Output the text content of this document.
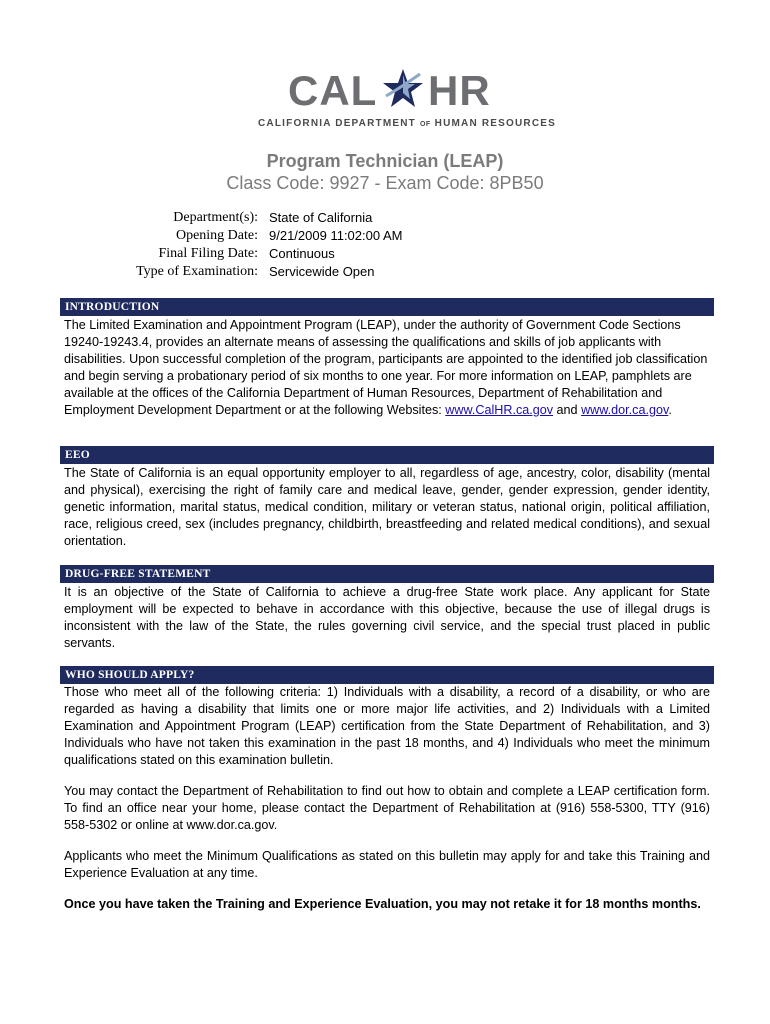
CAL HR
CALIFORNIA DEPARTMENT OF HUMAN RESOURCES
Program Technician (LEAP)
Class Code: 9927 - Exam Code: 8PB50
Department(s): State of California
Opening Date: 9/21/2009 11:02:00 AM
Final Filing Date: Continuous
Type of Examination: Servicewide Open
INTRODUCTION
The Limited Examination and Appointment Program (LEAP), under the authority of Government Code Sections 19240-19243.4, provides an alternate means of assessing the qualifications and skills of job applicants with disabilities. Upon successful completion of the program, participants are appointed to the identified job classification and begin serving a probationary period of six months to one year. For more information on LEAP, pamphlets are available at the offices of the California Department of Human Resources, Department of Rehabilitation and Employment Development Department or at the following Websites: www.CalHR.ca.gov and www.dor.ca.gov.
EEO
The State of California is an equal opportunity employer to all, regardless of age, ancestry, color, disability (mental and physical), exercising the right of family care and medical leave, gender, gender expression, gender identity, genetic information, marital status, medical condition, military or veteran status, national origin, political affiliation, race, religious creed, sex (includes pregnancy, childbirth, breastfeeding and related medical conditions), and sexual orientation.
DRUG-FREE STATEMENT
It is an objective of the State of California to achieve a drug-free State work place. Any applicant for State employment will be expected to behave in accordance with this objective, because the use of illegal drugs is inconsistent with the law of the State, the rules governing civil service, and the special trust placed in public servants.
WHO SHOULD APPLY?
Those who meet all of the following criteria: 1) Individuals with a disability, a record of a disability, or who are regarded as having a disability that limits one or more major life activities, and 2) Individuals with a Limited Examination and Appointment Program (LEAP) certification from the State Department of Rehabilitation, and 3) Individuals who have not taken this examination in the past 18 months, and 4) Individuals who meet the minimum qualifications stated on this examination bulletin.
You may contact the Department of Rehabilitation to find out how to obtain and complete a LEAP certification form. To find an office near your home, please contact the Department of Rehabilitation at (916) 558-5300, TTY (916) 558-5302 or online at www.dor.ca.gov.
Applicants who meet the Minimum Qualifications as stated on this bulletin may apply for and take this Training and Experience Evaluation at any time.
Once you have taken the Training and Experience Evaluation, you may not retake it for 18 months months.
